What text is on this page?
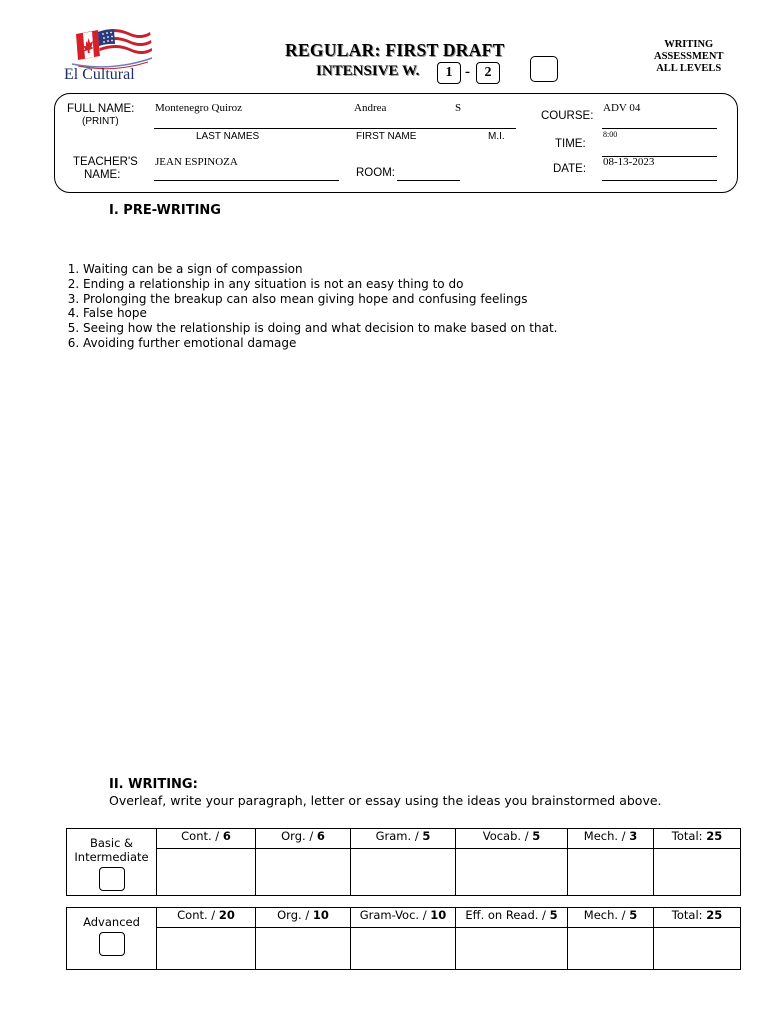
El Cultural
REGULAR: FIRST DRAFT
INTENSIVE W.	1 -	2
WRITING
ASSESSMENT
ALL LEVELS
FULL NAME:
(PRINT)
Montenegro Quiroz	Andrea	S
LAST NAMES	FIRST NAME	M.I.
COURSE:
ADV 04
TIME:
8:00
TEACHER'S
NAME:
JEAN ESPINOZA
ROOM:	DATE:
08-13-2023
I. PRE-WRITING
1. Waiting can be a sign of compassion
2. Ending a relationship in any situation is not an easy thing to do
3. Prolonging the breakup can also mean giving hope and confusing feelings
4. False hope
5. Seeing how the relationship is doing and what decision to make based on that.
6. Avoiding further emotional damage
II. WRITING:
Overleaf, write your paragraph, letter or essay using the ideas you brainstormed above.
Basic &
Intermediate	Cont. / 6	Org. / 6	Gram. / 5	Vocab. / 5	Mech. / 3	Total: 25

Advanced	Cont. / 20	Org. / 10	Gram-Voc. / 10	Eff. on Read. / 5	Mech. / 5	Total: 25
